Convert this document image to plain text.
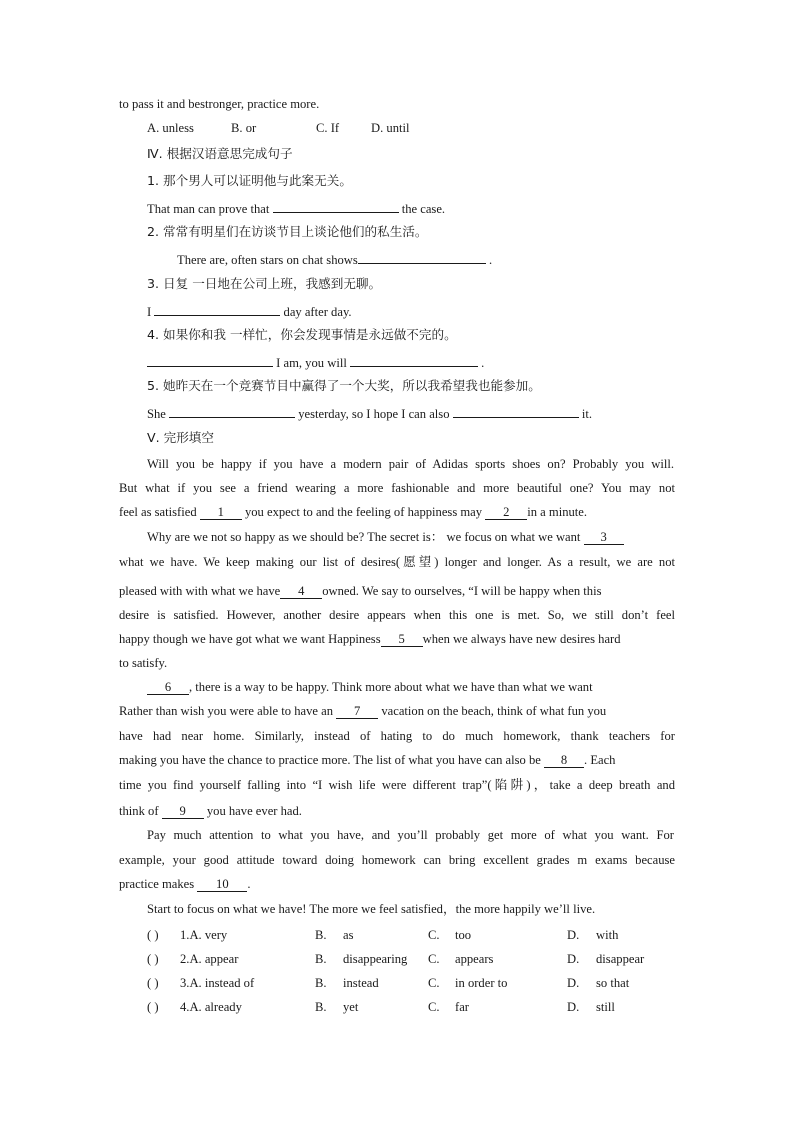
to pass it and bestronger, practice more.
A. unless	B. or	C. If	D. until
Ⅳ. 根据汉语意思完成句子
1. 那个男人可以证明他与此案无关。
That man can prove that	the case.
2. 常常有明星们在访谈节目上谈论他们的私生活。
There are, often stars on chat shows	.
3. 日复 一日地在公司上班，我感到无聊。
I	day after day.
4. 如果你和我 一样忙，你会发现事情是永远做不完的。
I am, you will	.
5. 她昨天在一个竞赛节目中赢得了一个大奖，所以我希望我也能参加。
She	yesterday, so I hope I can also	it.
Ⅴ. 完形填空
Will you be happy if you have a modern pair of Adidas sports shoes on? Probably you will.
But what if you see a friend wearing a more fashionable and more beautiful one? You may not
feel as satisfied 1 you expect to and the feeling of happiness may 2 in a minute.
Why are we not so happy as we should be? The secret is： we focus on what we want 3
what we have. We keep making our list of desires(愿望) longer and longer. As a result, we are not
pleased with with what we have 4 owned. We say to ourselves, “I will be happy when this
desire is satisfied. However, another desire appears when this one is met. So, we still don’t feel
happy though we have got what we want Happiness 5 when we always have new desires hard
to satisfy.
6 , there is a way to be happy. Think more about what we have than what we want
Rather than wish you were able to have an 7 vacation on the beach, think of what fun you
have had near home. Similarly, instead of hating to do much homework, thank teachers for
making you have the chance to practice more. The list of what you have can also be 8 . Each
time you find yourself falling into “I wish life were different trap”(陷阱)，take a deep breath and
think of 9 you have ever had.
Pay much attention to what you have, and you’ll probably get more of what you want. For
example, your good attitude toward doing homework can bring excellent grades m exams because
practice makes 10 .
Start to focus on what we have! The more we feel satisfied，the more happily we’ll live.
( ) 1.A. very	B. as	C. too	D. with
( ) 2.A. appear	B. disappearing C. appears	D. disappear
( ) 3.A. instead of	B. instead	C. in order to	D. so that
( ) 4.A. already	B. yet	C. far	D. still
